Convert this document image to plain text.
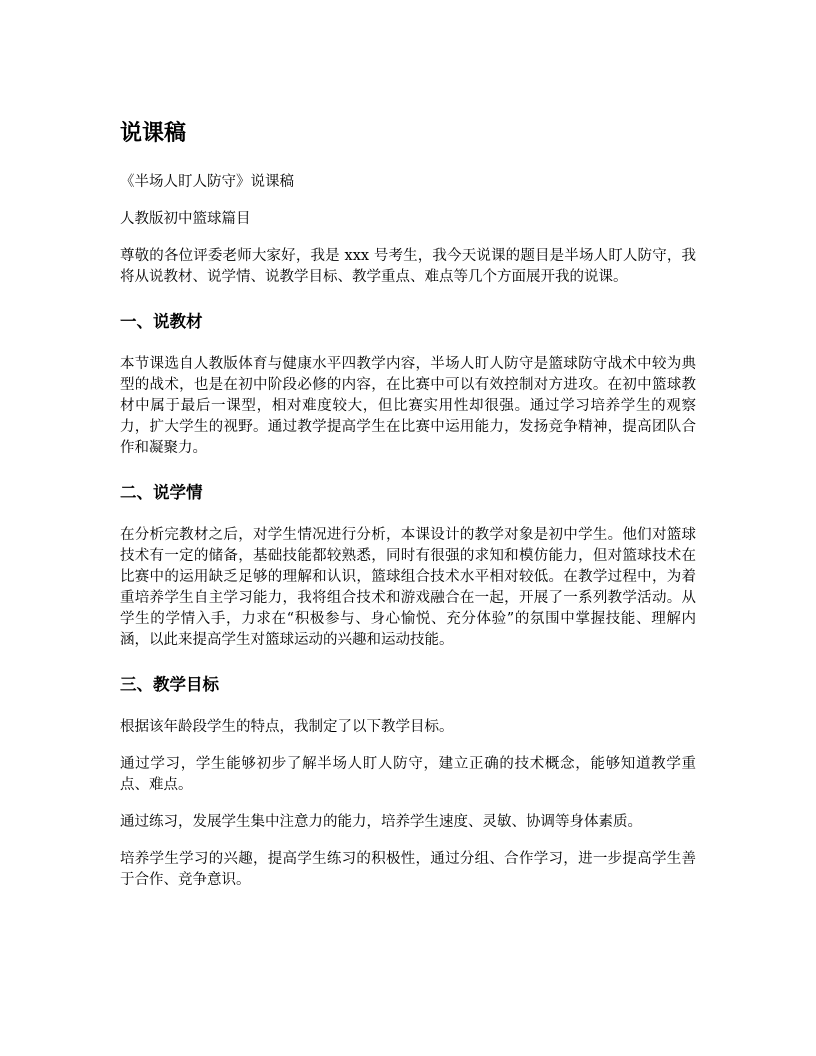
说课稿

《半场人盯人防守》说课稿

人教版初中篮球篇目

尊敬的各位评委老师大家好，我是 xxx 号考生，我今天说课的题目是半场人盯人防守，我将从说教材、说学情、说教学目标、教学重点、难点等几个方面展开我的说课。

一、说教材

本节课选自人教版体育与健康水平四教学内容，半场人盯人防守是篮球防守战术中较为典型的战术，也是在初中阶段必修的内容，在比赛中可以有效控制对方进攻。在初中篮球教材中属于最后一课型，相对难度较大，但比赛实用性却很强。通过学习培养学生的观察力，扩大学生的视野。通过教学提高学生在比赛中运用能力，发扬竞争精神，提高团队合作和凝聚力。

二、说学情

在分析完教材之后，对学生情况进行分析，本课设计的教学对象是初中学生。他们对篮球技术有一定的储备，基础技能都较熟悉，同时有很强的求知和模仿能力，但对篮球技术在比赛中的运用缺乏足够的理解和认识，篮球组合技术水平相对较低。在教学过程中，为着重培养学生自主学习能力，我将组合技术和游戏融合在一起，开展了一系列教学活动。从学生的学情入手，力求在“积极参与、身心愉悦、充分体验”的氛围中掌握技能、理解内涵，以此来提高学生对篮球运动的兴趣和运动技能。

三、教学目标

根据该年龄段学生的特点，我制定了以下教学目标。

通过学习，学生能够初步了解半场人盯人防守，建立正确的技术概念，能够知道教学重点、难点。

通过练习，发展学生集中注意力的能力，培养学生速度、灵敏、协调等身体素质。

培养学生学习的兴趣，提高学生练习的积极性，通过分组、合作学习，进一步提高学生善于合作、竞争意识。
